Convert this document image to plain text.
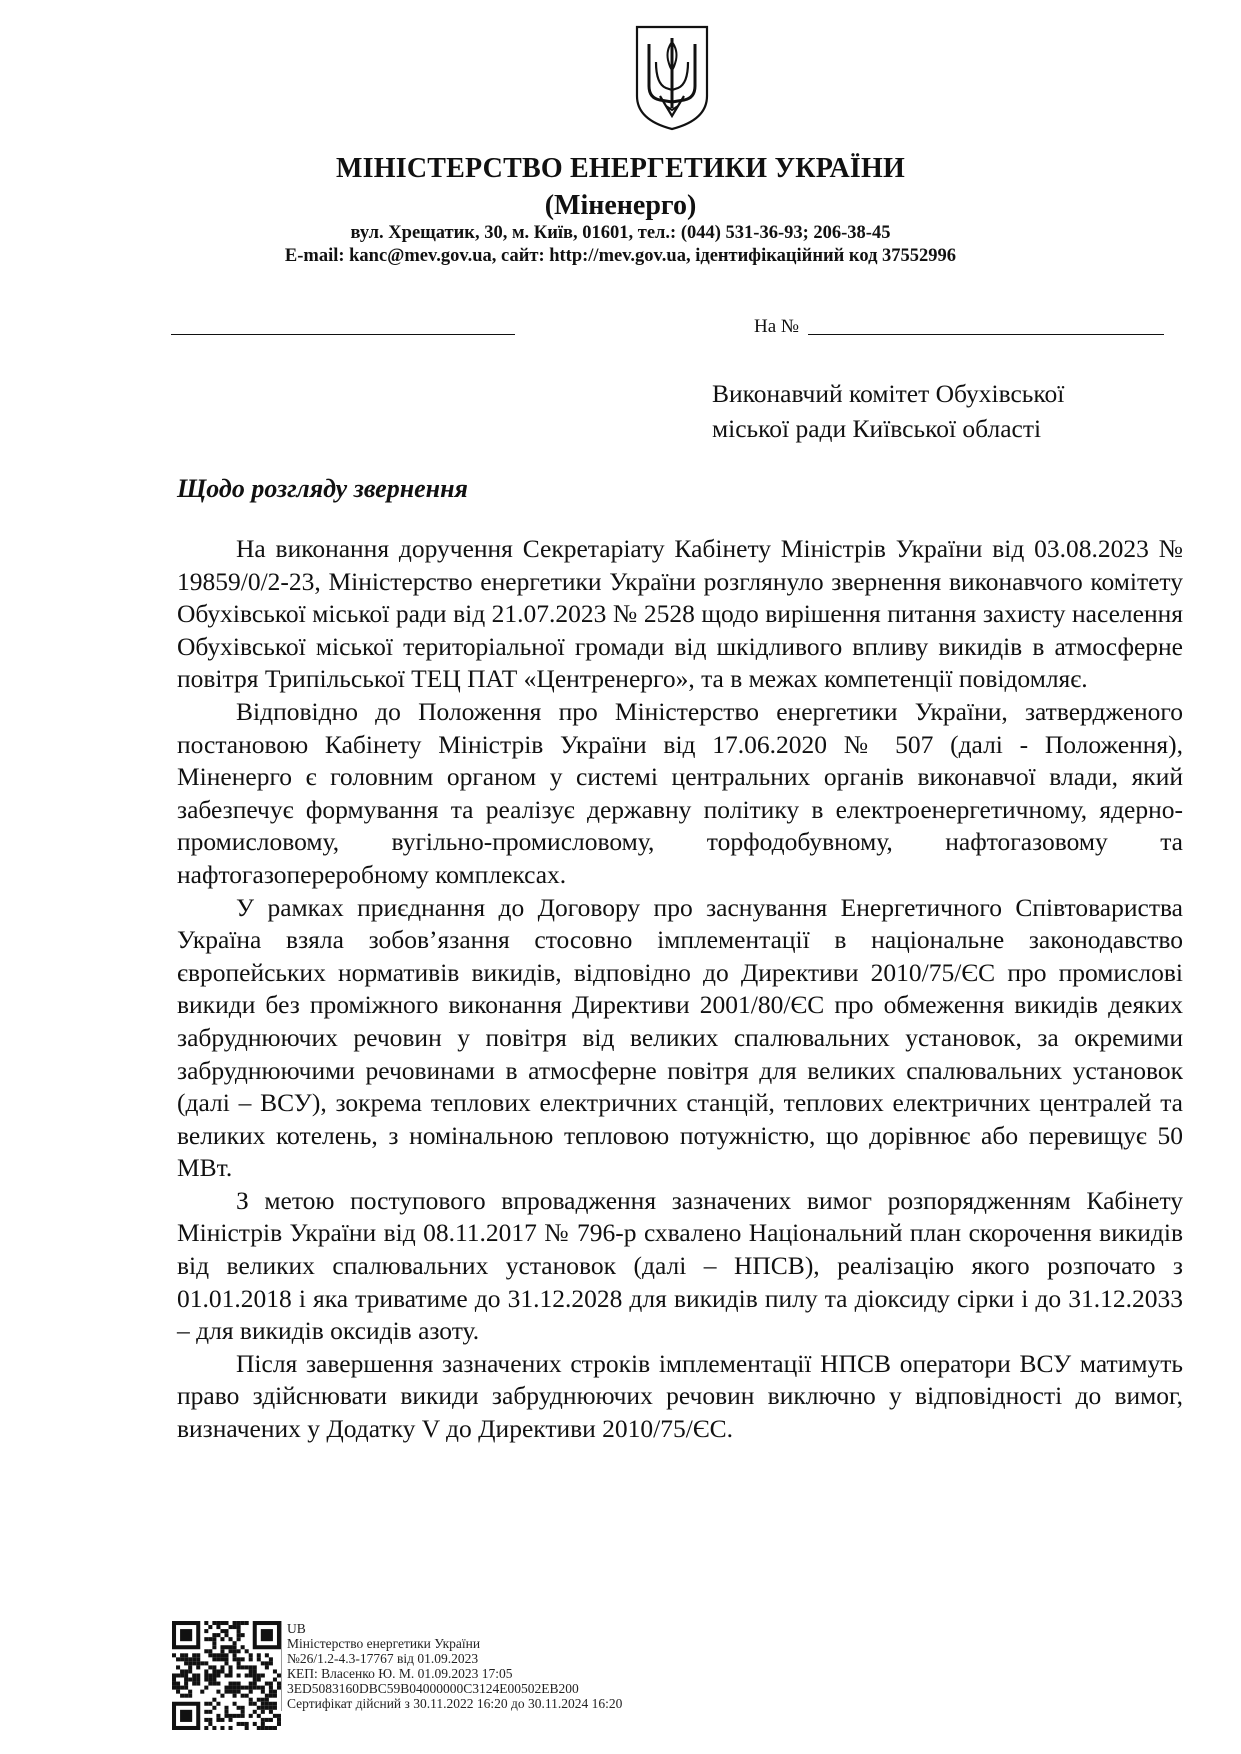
МІНІСТЕРСТВО ЕНЕРГЕТИКИ УКРАЇНИ
(Міненерго)
вул. Хрещатик, 30, м. Київ, 01601, тел.: (044) 531-36-93; 206-38-45
E-mail: kanc@mev.gov.ua, сайт: http://mev.gov.ua, ідентифікаційний код 37552996
На №
Виконавчий комітет Обухівської
міської ради Київської області
Щодо розгляду звернення

На виконання доручення Секретаріату Кабінету Міністрів України від 03.08.2023 № 19859/0/2-23, Міністерство енергетики України розглянуло звернення виконавчого комітету Обухівської міської ради від 21.07.2023 № 2528 щодо вирішення питання захисту населення Обухівської міської територіальної громади від шкідливого впливу викидів в атмосферне повітря Трипільської ТЕЦ ПАТ «Центренерго», та в межах компетенції повідомляє.

Відповідно до Положення про Міністерство енергетики України, затвердженого постановою Кабінету Міністрів України від 17.06.2020 № 507 (далі - Положення), Міненерго є головним органом у системі центральних органів виконавчої влади, який забезпечує формування та реалізує державну політику в електроенергетичному, ядерно-промисловому, вугільно-промисловому, торфодобувному, нафтогазовому та нафтогазопереробному комплексах.

У рамках приєднання до Договору про заснування Енергетичного Співтовариства Україна взяла зобов’язання стосовно імплементації в національне законодавство європейських нормативів викидів, відповідно до Директиви 2010/75/ЄС про промислові викиди без проміжного виконання Директиви 2001/80/ЄС про обмеження викидів деяких забруднюючих речовин у повітря від великих спалювальних установок, за окремими забруднюючими речовинами в атмосферне повітря для великих спалювальних установок (далі – ВСУ), зокрема теплових електричних станцій, теплових електричних централей та великих котелень, з номінальною тепловою потужністю, що дорівнює або перевищує 50 МВт.

З метою поступового впровадження зазначених вимог розпорядженням Кабінету Міністрів України від 08.11.2017 № 796-р схвалено Національний план скорочення викидів від великих спалювальних установок (далі – НПСВ), реалізацію якого розпочато з 01.01.2018 і яка триватиме до 31.12.2028 для викидів пилу та діоксиду сірки і до 31.12.2033 – для викидів оксидів азоту.

Після завершення зазначених строків імплементації НПСВ оператори ВСУ матимуть право здійснювати викиди забруднюючих речовин виключно у відповідності до вимог, визначених у Додатку V до Директиви 2010/75/ЄС.

UB
Міністерство енергетики України
№26/1.2-4.3-17767 від 01.09.2023
КЕП: Власенко Ю. М. 01.09.2023 17:05
3ED5083160DBC59B04000000C3124E00502EB200
Сертифікат дійсний з 30.11.2022 16:20 до 30.11.2024 16:20
